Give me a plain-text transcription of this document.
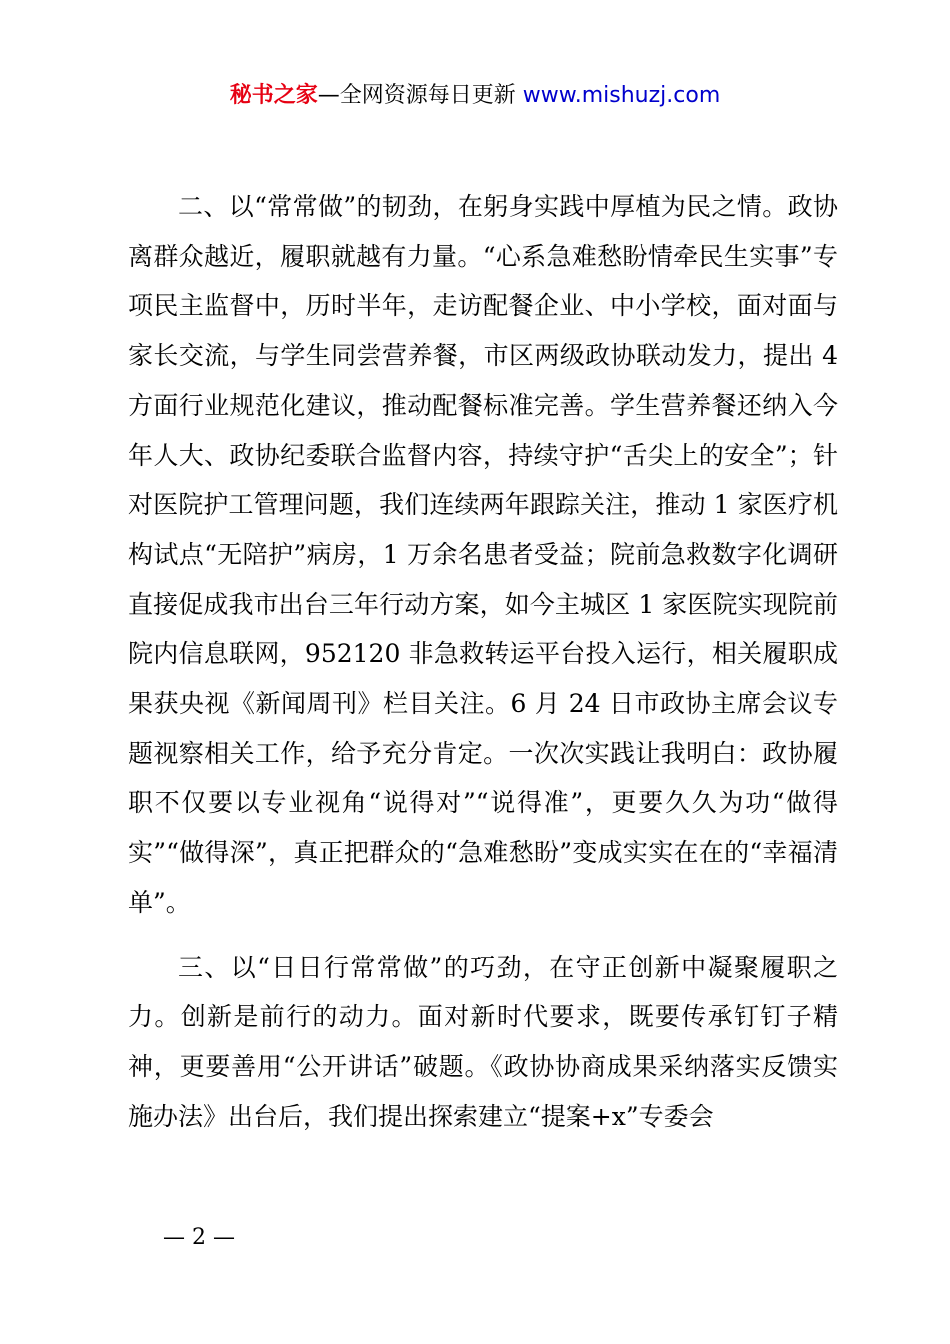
秘书之家—全网资源每日更新 www.mishuzj.com

二、以“常常做”的韧劲，在躬身实践中厚植为民之情。政协离群众越近，履职就越有力量。“心系急难愁盼情牵民生实事”专项民主监督中，历时半年，走访配餐企业、中小学校，面对面与家长交流，与学生同尝营养餐，市区两级政协联动发力，提出 4 方面行业规范化建议，推动配餐标准完善。学生营养餐还纳入今年人大、政协纪委联合监督内容，持续守护“舌尖上的安全”；针对医院护工管理问题，我们连续两年跟踪关注，推动 1 家医疗机构试点“无陪护”病房，1 万余名患者受益；院前急救数字化调研直接促成我市出台三年行动方案，如今主城区 1 家医院实现院前院内信息联网，952120 非急救转运平台投入运行，相关履职成果获央视《新闻周刊》栏目关注。6 月 24 日市政协主席会议专题视察相关工作，给予充分肯定。一次次实践让我明白：政协履职不仅要以专业视角“说得对”“说得准”，更要久久为功“做得实”“做得深”，真正把群众的“急难愁盼”变成实实在在的“幸福清单”。

三、以“日日行常常做”的巧劲，在守正创新中凝聚履职之力。创新是前行的动力。面对新时代要求，既要传承钉钉子精神，更要善用“公开讲话”破题。《政协协商成果采纳落实反馈实施办法》出台后，我们提出探索建立“提案+x”专委会

— 2 —
